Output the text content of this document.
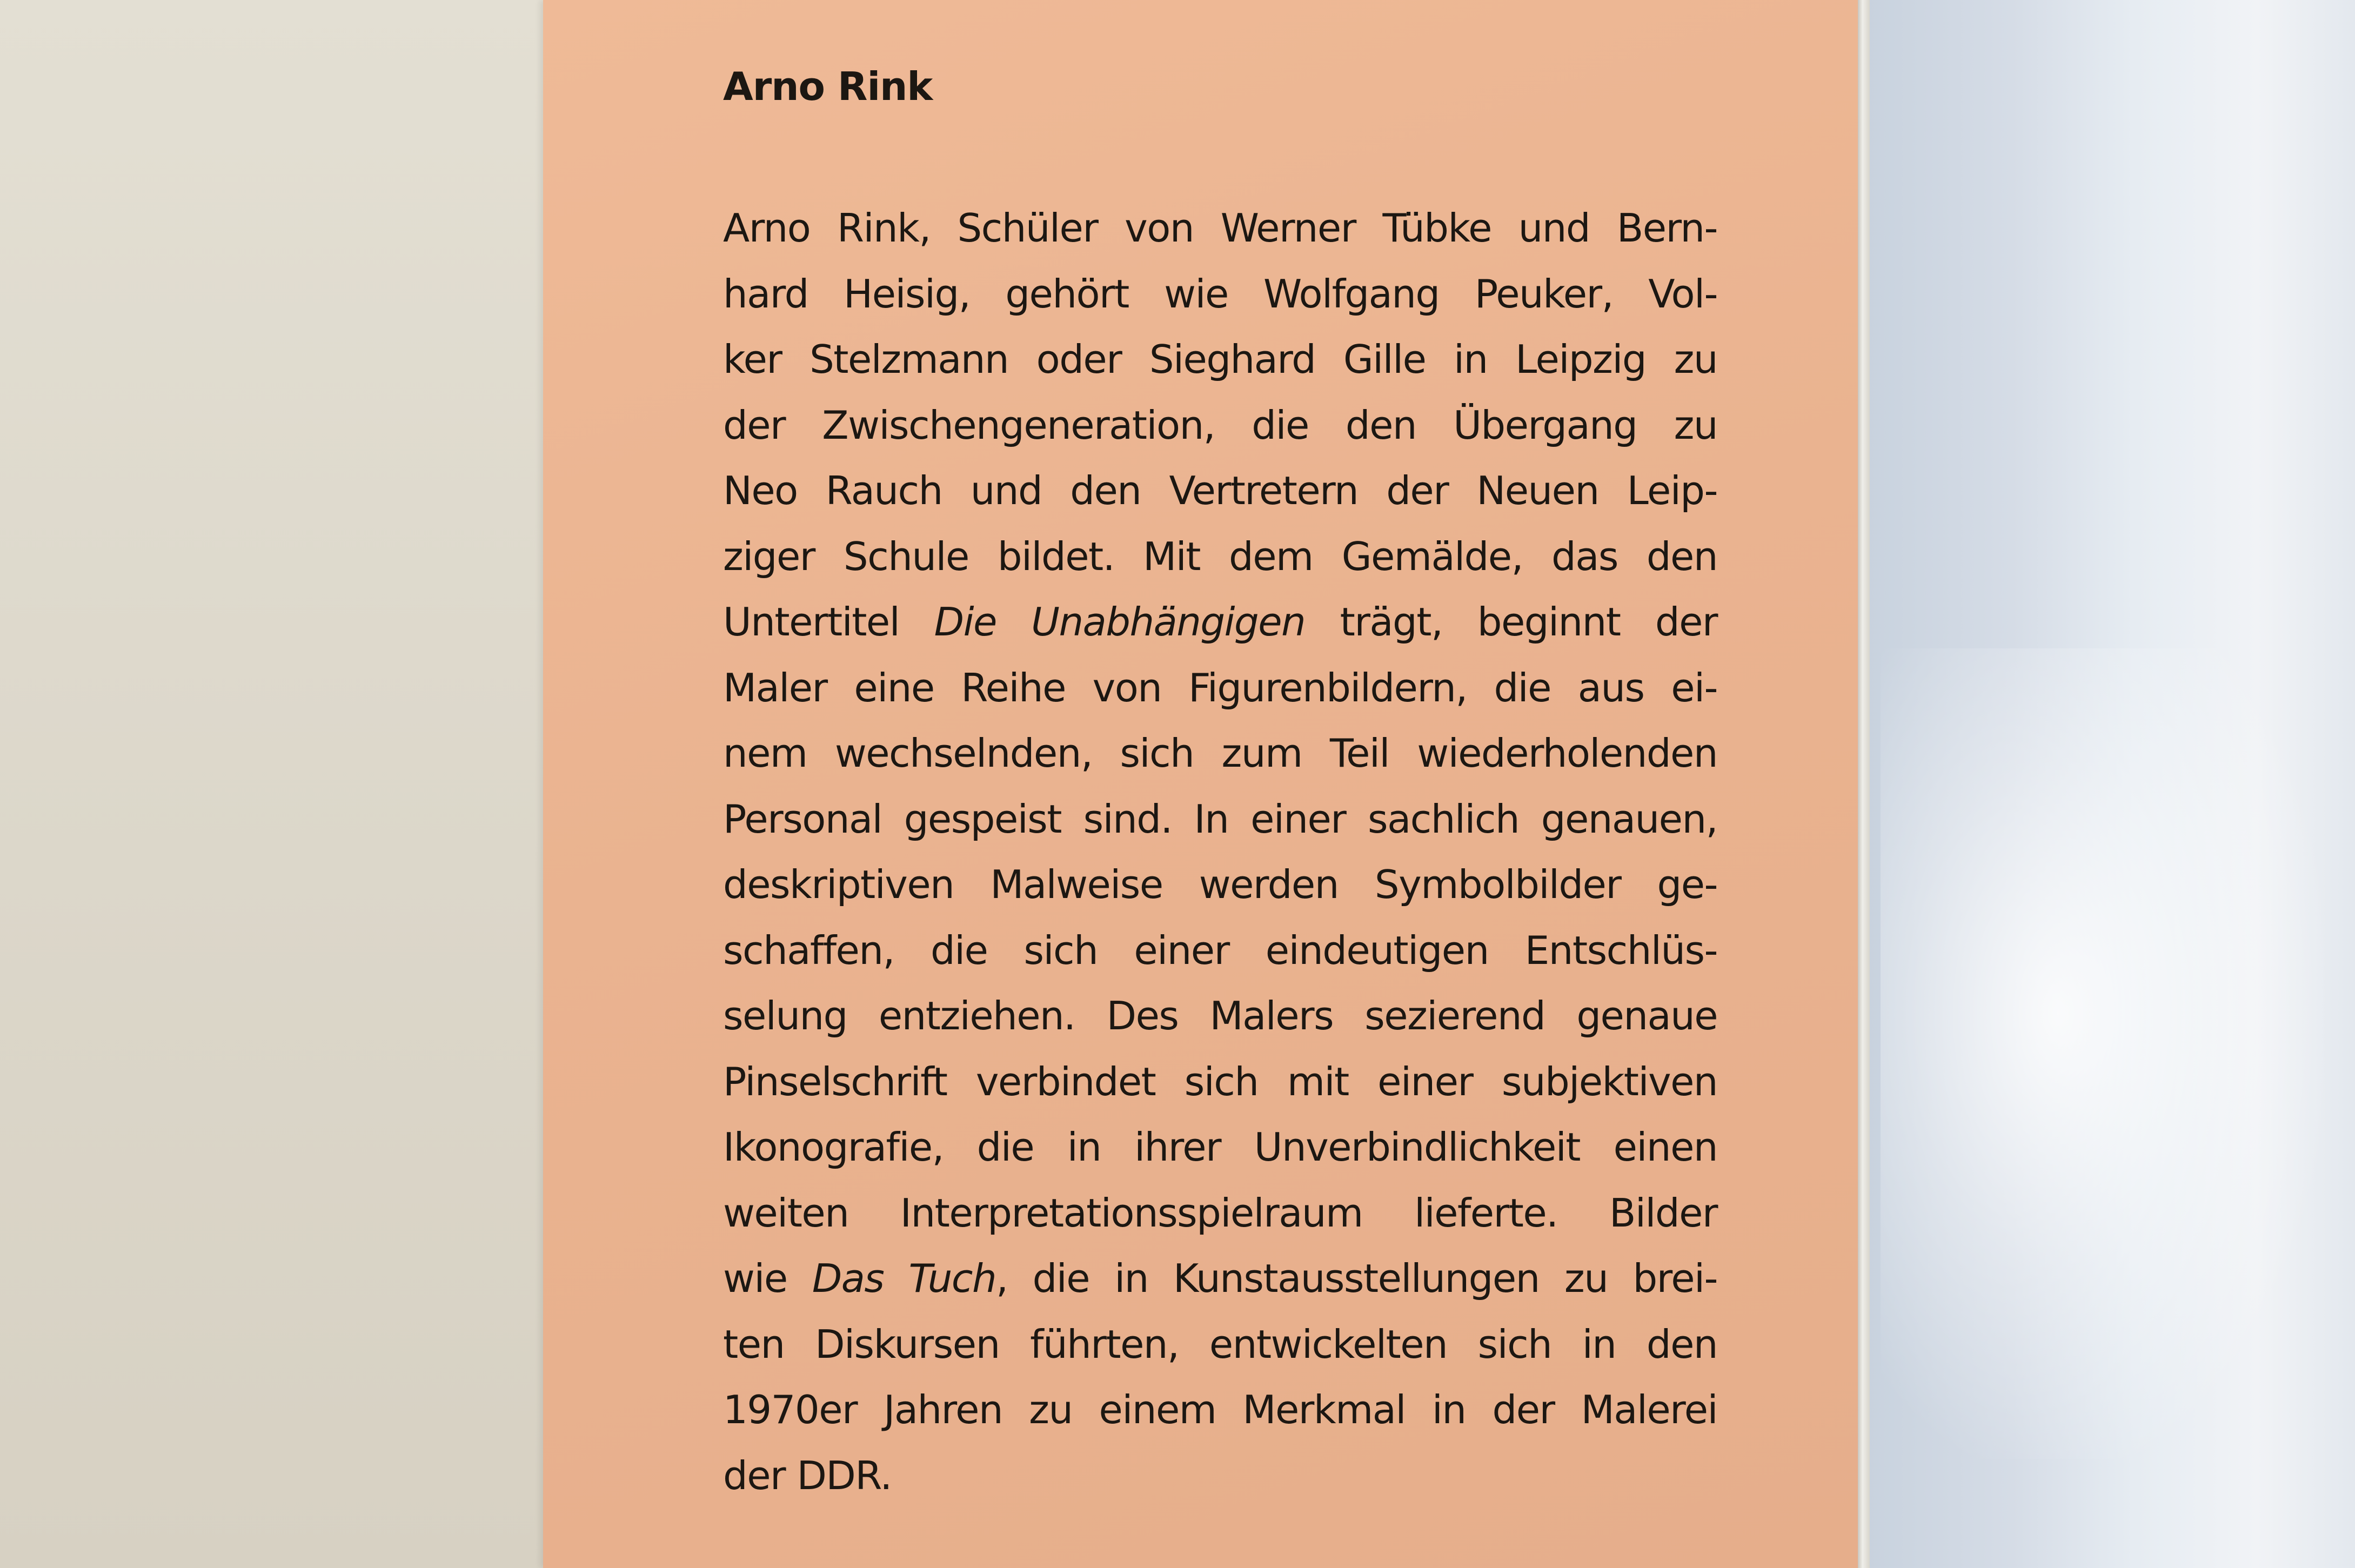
Arno Rink
Arno Rink, Schüler von Werner Tübke und Bern-
hard Heisig, gehört wie Wolfgang Peuker, Vol-
ker Stelzmann oder Sieghard Gille in Leipzig zu
der Zwischengeneration, die den Übergang zu
Neo Rauch und den Vertretern der Neuen Leip-
ziger Schule bildet. Mit dem Gemälde, das den
Untertitel Die Unabhängigen trägt, beginnt der
Maler eine Reihe von Figurenbildern, die aus ei-
nem wechselnden, sich zum Teil wiederholenden
Personal gespeist sind. In einer sachlich genauen,
deskriptiven Malweise werden Symbolbilder ge-
schaffen, die sich einer eindeutigen Entschlüs-
selung entziehen. Des Malers sezierend genaue
Pinselschrift verbindet sich mit einer subjektiven
Ikonografie, die in ihrer Unverbindlichkeit einen
weiten Interpretationsspielraum lieferte. Bilder
wie Das Tuch, die in Kunstausstellungen zu brei-
ten Diskursen führten, entwickelten sich in den
1970er Jahren zu einem Merkmal in der Malerei
der DDR.
